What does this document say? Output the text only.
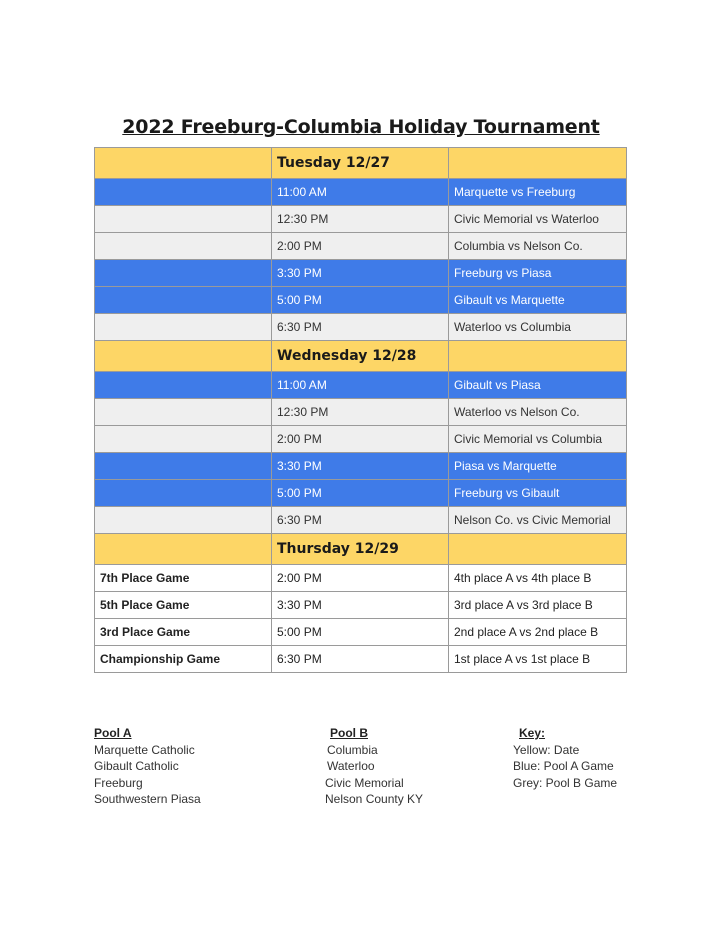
2022 Freeburg-Columbia Holiday Tournament
	Tuesday 12/27	
	11:00 AM	Marquette vs Freeburg
	12:30 PM	Civic Memorial vs Waterloo
	2:00 PM	Columbia vs Nelson Co.
	3:30 PM	Freeburg vs Piasa
	5:00 PM	Gibault vs Marquette
	6:30 PM	Waterloo vs Columbia
	Wednesday 12/28	
	11:00 AM	Gibault vs Piasa
	12:30 PM	Waterloo vs Nelson Co.
	2:00 PM	Civic Memorial vs Columbia
	3:30 PM	Piasa vs Marquette
	5:00 PM	Freeburg vs Gibault
	6:30 PM	Nelson Co. vs Civic Memorial
	Thursday 12/29	
7th Place Game	2:00 PM	4th place A vs 4th place B
5th Place Game	3:30 PM	3rd place A vs 3rd place B
3rd Place Game	5:00 PM	2nd place A vs 2nd place B
Championship Game	6:30 PM	1st place A vs 1st place B
Pool A
Marquette Catholic
Gibault Catholic
Freeburg
Southwestern Piasa
Pool B
Columbia
Waterloo
Civic Memorial
Nelson County KY
Key:
Yellow: Date
Blue: Pool A Game
Grey: Pool B Game
